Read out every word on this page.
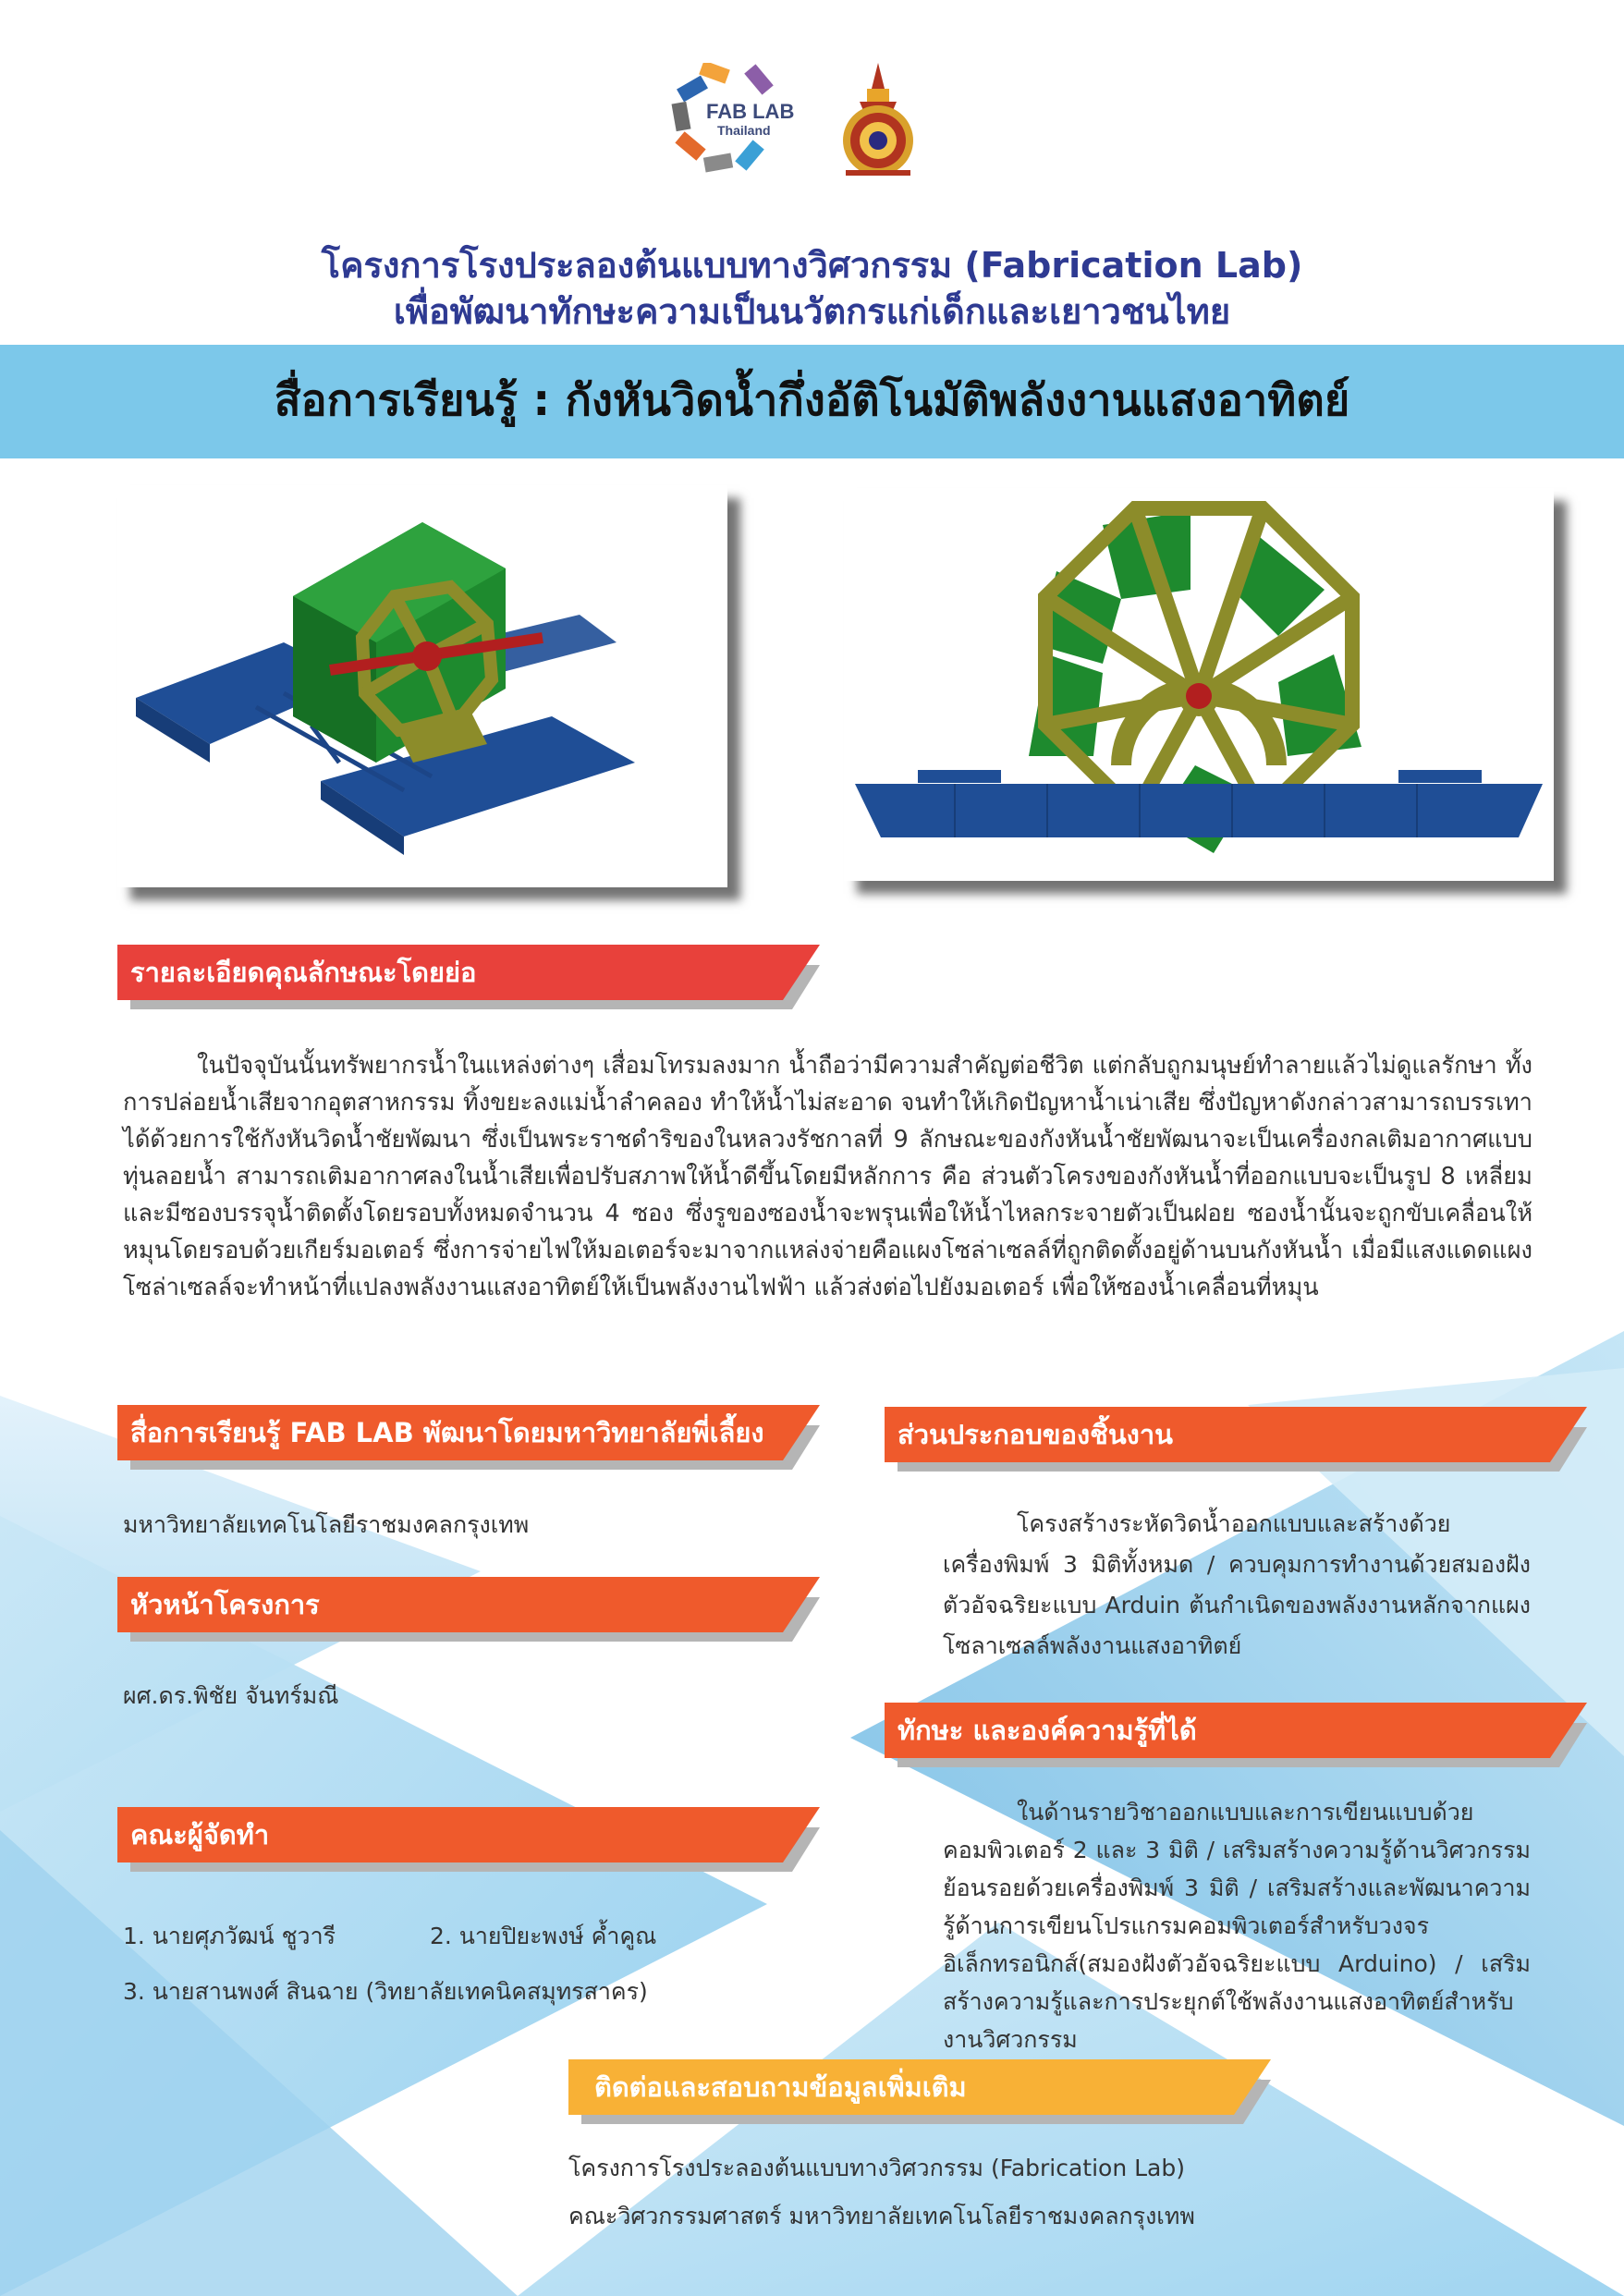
FAB LAB
Thailand
โครงการโรงประลองต้นแบบทางวิศวกรรม (Fabrication Lab)
เพื่อพัฒนาทักษะความเป็นนวัตกรแก่เด็กและเยาวชนไทย
สื่อการเรียนรู้ : กังหันวิดน้ำกึ่งอัติโนมัติพลังงานแสงอาทิตย์
รายละเอียดคุณลักษณะโดยย่อ
ในปัจจุบันนั้นทรัพยากรน้ำในแหล่งต่างๆ เสื่อมโทรมลงมาก น้ำถือว่ามีความสำคัญต่อชีวิต แต่กลับถูกมนุษย์ทำลายแล้วไม่ดูแลรักษา ทั้งการปล่อยน้ำเสียจากอุตสาหกรรม ทิ้งขยะลงแม่น้ำลำคลอง ทำให้น้ำไม่สะอาด จนทำให้เกิดปัญหาน้ำเน่าเสีย ซึ่งปัญหาดังกล่าวสามารถบรรเทาได้ด้วยการใช้กังหันวิดน้ำชัยพัฒนา ซึ่งเป็นพระราชดำริของในหลวงรัชกาลที่ 9 ลักษณะของกังหันน้ำชัยพัฒนาจะเป็นเครื่องกลเติมอากาศแบบทุ่นลอยน้ำ สามารถเติมอากาศลงในน้ำเสียเพื่อปรับสภาพให้น้ำดีขึ้นโดยมีหลักการ คือ ส่วนตัวโครงของกังหันน้ำที่ออกแบบจะเป็นรูป 8 เหลี่ยม และมีซองบรรจุน้ำติดตั้งโดยรอบทั้งหมดจำนวน 4 ซอง ซึ่งรูของซองน้ำจะพรุนเพื่อให้น้ำไหลกระจายตัวเป็นฝอย ซองน้ำนั้นจะถูกขับเคลื่อนให้หมุนโดยรอบด้วยเกียร์มอเตอร์ ซึ่งการจ่ายไฟให้มอเตอร์จะมาจากแหล่งจ่ายคือแผงโซล่าเซลล์ที่ถูกติดตั้งอยู่ด้านบนกังหันน้ำ เมื่อมีแสงแดดแผงโซล่าเซลล์จะทำหน้าที่แปลงพลังงานแสงอาทิตย์ให้เป็นพลังงานไฟฟ้า แล้วส่งต่อไปยังมอเตอร์ เพื่อให้ซองน้ำเคลื่อนที่หมุน
สื่อการเรียนรู้ FAB LAB พัฒนาโดยมหาวิทยาลัยพี่เลี้ยง
มหาวิทยาลัยเทคโนโลยีราชมงคลกรุงเทพ
หัวหน้าโครงการ
ผศ.ดร.พิชัย จันทร์มณี
คณะผู้จัดทำ
1. นายศุภวัฒน์ ชูวารี	2. นายปิยะพงษ์ ค้ำคูณ
3. นายสานพงศ์ สินฉาย (วิทยาลัยเทคนิคสมุทรสาคร)
ส่วนประกอบของชิ้นงาน
โครงสร้างระหัดวิดน้ำออกแบบและสร้างด้วยเครื่องพิมพ์ 3 มิติทั้งหมด / ควบคุมการทำงานด้วยสมองฝังตัวอัจฉริยะแบบ Arduin ต้นกำเนิดของพลังงานหลักจากแผงโซลาเซลล์พลังงานแสงอาทิตย์
ทักษะ และองค์ความรู้ที่ได้
ในด้านรายวิชาออกแบบและการเขียนแบบด้วยคอมพิวเตอร์ 2 และ 3 มิติ / เสริมสร้างความรู้ด้านวิศวกรรมย้อนรอยด้วยเครื่องพิมพ์ 3 มิติ / เสริมสร้างและพัฒนาความรู้ด้านการเขียนโปรแกรมคอมพิวเตอร์สำหรับวงจรอิเล็กทรอนิกส์(สมองฝังตัวอัจฉริยะแบบ Arduino) / เสริมสร้างความรู้และการประยุกต์ใช้พลังงานแสงอาทิตย์สำหรับงานวิศวกรรม
ติดต่อและสอบถามข้อมูลเพิ่มเติม
โครงการโรงประลองต้นแบบทางวิศวกรรม (Fabrication Lab)
คณะวิศวกรรมศาสตร์ มหาวิทยาลัยเทคโนโลยีราชมงคลกรุงเทพ
